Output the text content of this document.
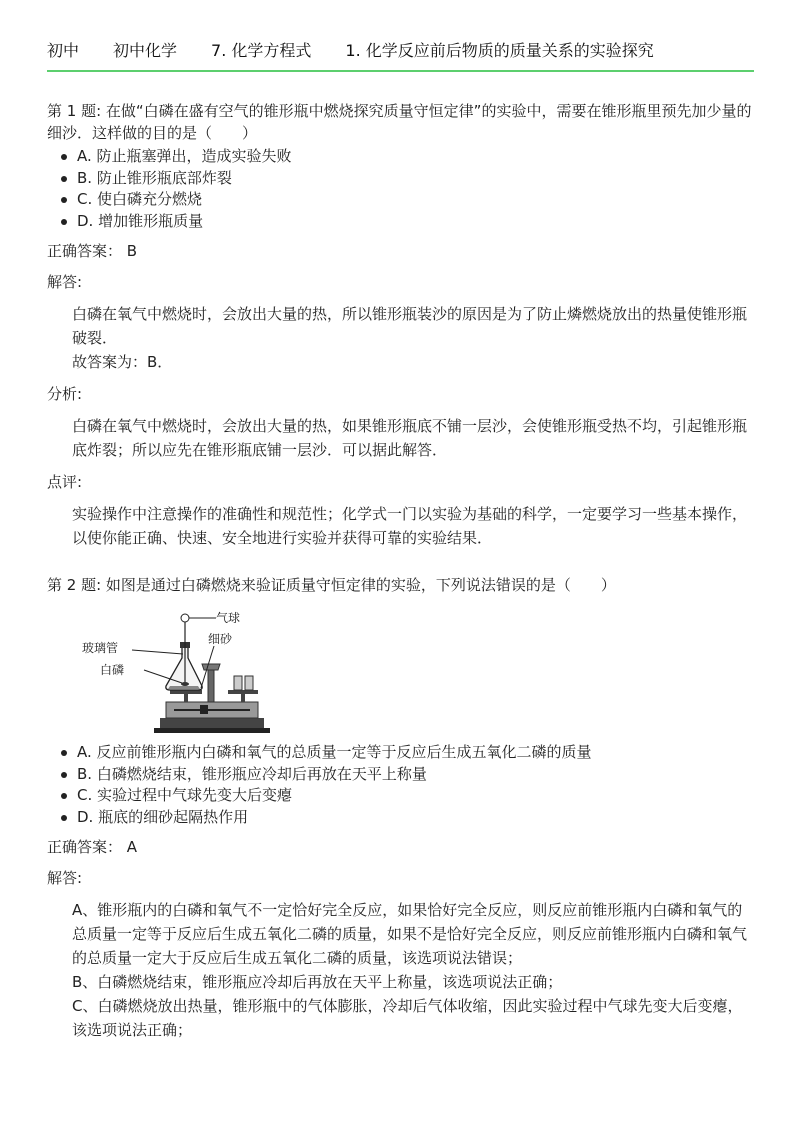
初中 初中化学 7. 化学方程式 1. 化学反应前后物质的质量关系的实验探究

第 1 题: 在做“白磷在盛有空气的锥形瓶中燃烧探究质量守恒定律”的实验中，需要在锥形瓶里预先加少量的细沙．这样做的目的是（　　）

A. 防止瓶塞弹出，造成实验失败
B. 防止锥形瓶底部炸裂
C. 使白磷充分燃烧
D. 增加锥形瓶质量
正确答案： B
解答:

白磷在氧气中燃烧时，会放出大量的热，所以锥形瓶装沙的原因是为了防止燐燃烧放出的热量使锥形瓶破裂．

故答案为：B．

分析:

白磷在氧气中燃烧时，会放出大量的热，如果锥形瓶底不铺一层沙，会使锥形瓶受热不均，引起锥形瓶底炸裂；所以应先在锥形瓶底铺一层沙．可以据此解答．

点评:

实验操作中注意操作的准确性和规范性；化学式一门以实验为基础的科学，一定要学习一些基本操作，以使你能正确、快速、安全地进行实验并获得可靠的实验结果．

第 2 题: 如图是通过白磷燃烧来验证质量守恒定律的实验，下列说法错误的是（　　）

气球
细砂
玻璃管
白磷
A. 反应前锥形瓶内白磷和氧气的总质量一定等于反应后生成五氧化二磷的质量
B. 白磷燃烧结束，锥形瓶应冷却后再放在天平上称量
C. 实验过程中气球先变大后变瘪
D. 瓶底的细砂起隔热作用
正确答案： A
解答:

A、锥形瓶内的白磷和氧气不一定恰好完全反应，如果恰好完全反应，则反应前锥形瓶内白磷和氧气的总质量一定等于反应后生成五氧化二磷的质量，如果不是恰好完全反应，则反应前锥形瓶内白磷和氧气的总质量一定大于反应后生成五氧化二磷的质量，该选项说法错误；

B、白磷燃烧结束，锥形瓶应冷却后再放在天平上称量，该选项说法正确；

C、白磷燃烧放出热量，锥形瓶中的气体膨胀，冷却后气体收缩，因此实验过程中气球先变大后变瘪，该选项说法正确；
